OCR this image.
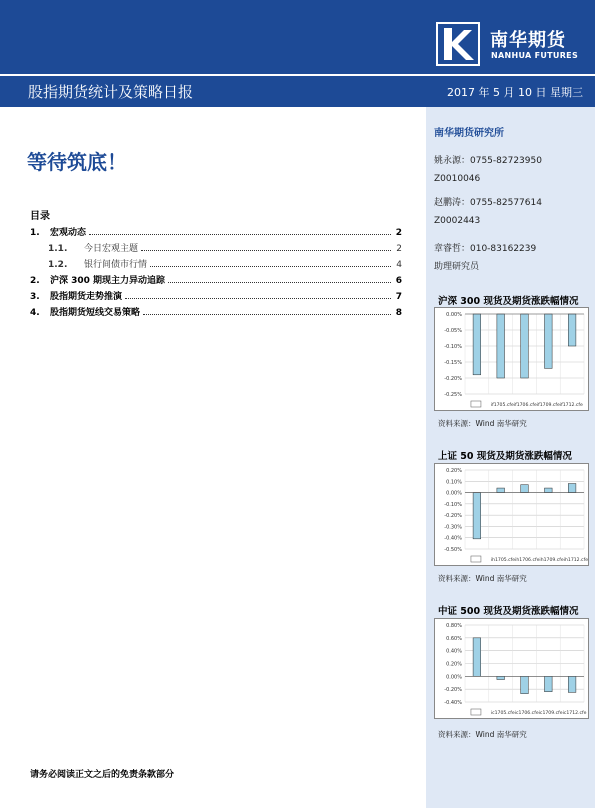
南华期货
NANHUA FUTURES
股指期货统计及策略日报	2017 年 5 月 10 日 星期三
等待筑底！
目录
1.	宏观动态	2
1.1.	今日宏观主题	2
1.2.	银行间债市行情	4
2.	沪深 300 期现主力异动追踪	6
3.	股指期货走势推演	7
4.	股指期货短线交易策略	8
请务必阅读正文之后的免责条款部分
南华期货研究所
姚永源：0755-82723950
Z0010046
赵鹏涛：0755-82577614
Z0002443
章睿哲：010-83162239
助理研究员
沪深 300 现货及期货涨跌幅情况
0.00%
-0.05%
-0.10%
-0.15%
-0.20%
-0.25%
if1705.cfeif1706.cfeif1709.cfeif1712.cfe
资料来源：Wind 南华研究
上证 50 现货及期货涨跌幅情况
0.20%
0.10%
0.00%
-0.10%
-0.20%
-0.30%
-0.40%
-0.50%
ih1705.cfeih1706.cfeih1709.cfeih1712.cfe
资料来源：Wind 南华研究
中证 500 现货及期货涨跌幅情况
0.80%
0.60%
0.40%
0.20%
0.00%
-0.20%
-0.40%
ic1705.cfeic1706.cfeic1709.cfeic1712.cfe
资料来源：Wind 南华研究
